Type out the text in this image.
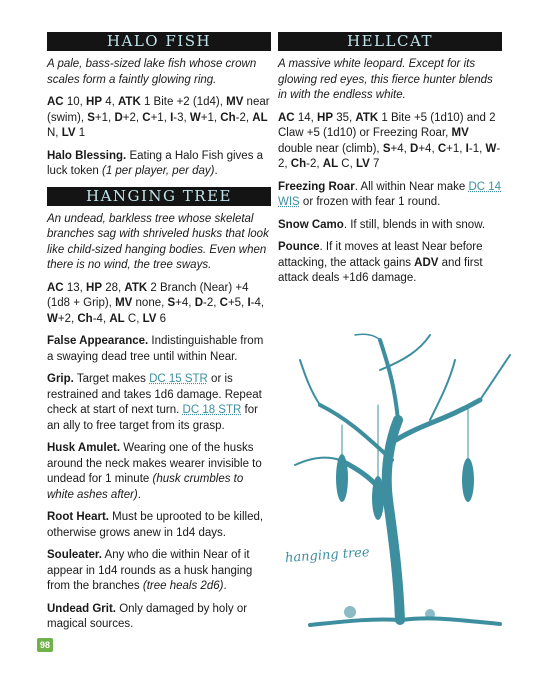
HALO FISH

A pale, bass-sized lake fish whose crown scales form a faintly glowing ring.

AC 10, HP 4, ATK 1 Bite +2 (1d4), MV near (swim), S+1, D+2, C+1, I-3, W+1, Ch-2, AL N, LV 1

Halo Blessing. Eating a Halo Fish gives a luck token (1 per player, per day).

HANGING TREE

An undead, barkless tree whose skeletal branches sag with shriveled husks that look like child-sized hanging bodies. Even when there is no wind, the tree sways.

AC 13, HP 28, ATK 2 Branch (Near) +4 (1d8 + Grip), MV none, S+4, D-2, C+5, I-4, W+2, Ch-4, AL C, LV 6

False Appearance. Indistinguishable from a swaying dead tree until within Near.

Grip. Target makes DC 15 STR or is restrained and takes 1d6 damage. Repeat check at start of next turn. DC 18 STR for an ally to free target from its grasp.

Husk Amulet. Wearing one of the husks around the neck makes wearer invisible to undead for 1 minute (husk crumbles to white ashes after).

Root Heart. Must be uprooted to be killed, otherwise grows anew in 1d4 days.

Souleater. Any who die within Near of it appear in 1d4 rounds as a husk hanging from the branches (tree heals 2d6).

Undead Grit. Only damaged by holy or magical sources.

HELLCAT

A massive white leopard. Except for its glowing red eyes, this fierce hunter blends in with the endless white.

AC 14, HP 35, ATK 1 Bite +5 (1d10) and 2 Claw +5 (1d10) or Freezing Roar, MV double near (climb), S+4, D+4, C+1, I-1, W-2, Ch-2, AL C, LV 7

Freezing Roar. All within Near make DC 14 WIS or frozen with fear 1 round.

Snow Camo. If still, blends in with snow.

Pounce. If it moves at least Near before attacking, the attack gains ADV and first attack deals +1d6 damage.

hanging tree
98
